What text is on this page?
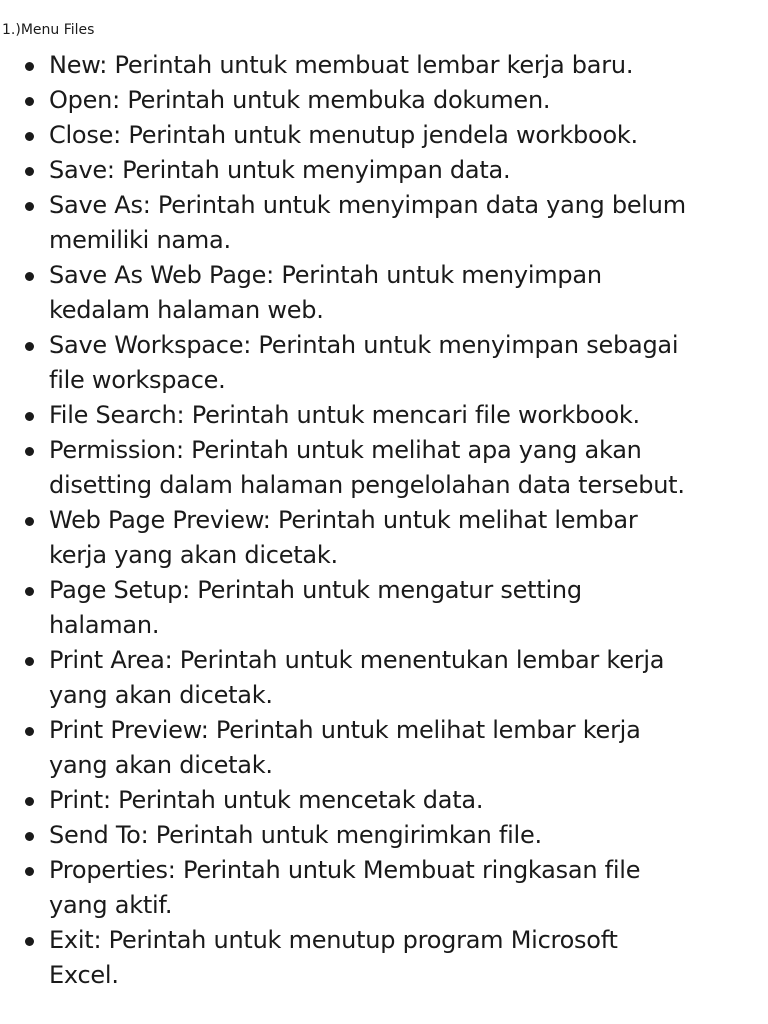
1.)Menu Files
New: Perintah untuk membuat lembar kerja baru.
Open: Perintah untuk membuka dokumen.
Close: Perintah untuk menutup jendela workbook.
Save: Perintah untuk menyimpan data.
Save As: Perintah untuk menyimpan data yang belum
memiliki nama.
Save As Web Page: Perintah untuk menyimpan
kedalam halaman web.
Save Workspace: Perintah untuk menyimpan sebagai
file workspace.
File Search: Perintah untuk mencari file workbook.
Permission: Perintah untuk melihat apa yang akan
disetting dalam halaman pengelolahan data tersebut.
Web Page Preview: Perintah untuk melihat lembar
kerja yang akan dicetak.
Page Setup: Perintah untuk mengatur setting
halaman.
Print Area: Perintah untuk menentukan lembar kerja
yang akan dicetak.
Print Preview: Perintah untuk melihat lembar kerja
yang akan dicetak.
Print: Perintah untuk mencetak data.
Send To: Perintah untuk mengirimkan file.
Properties: Perintah untuk Membuat ringkasan file
yang aktif.
Exit: Perintah untuk menutup program Microsoft
Excel.
